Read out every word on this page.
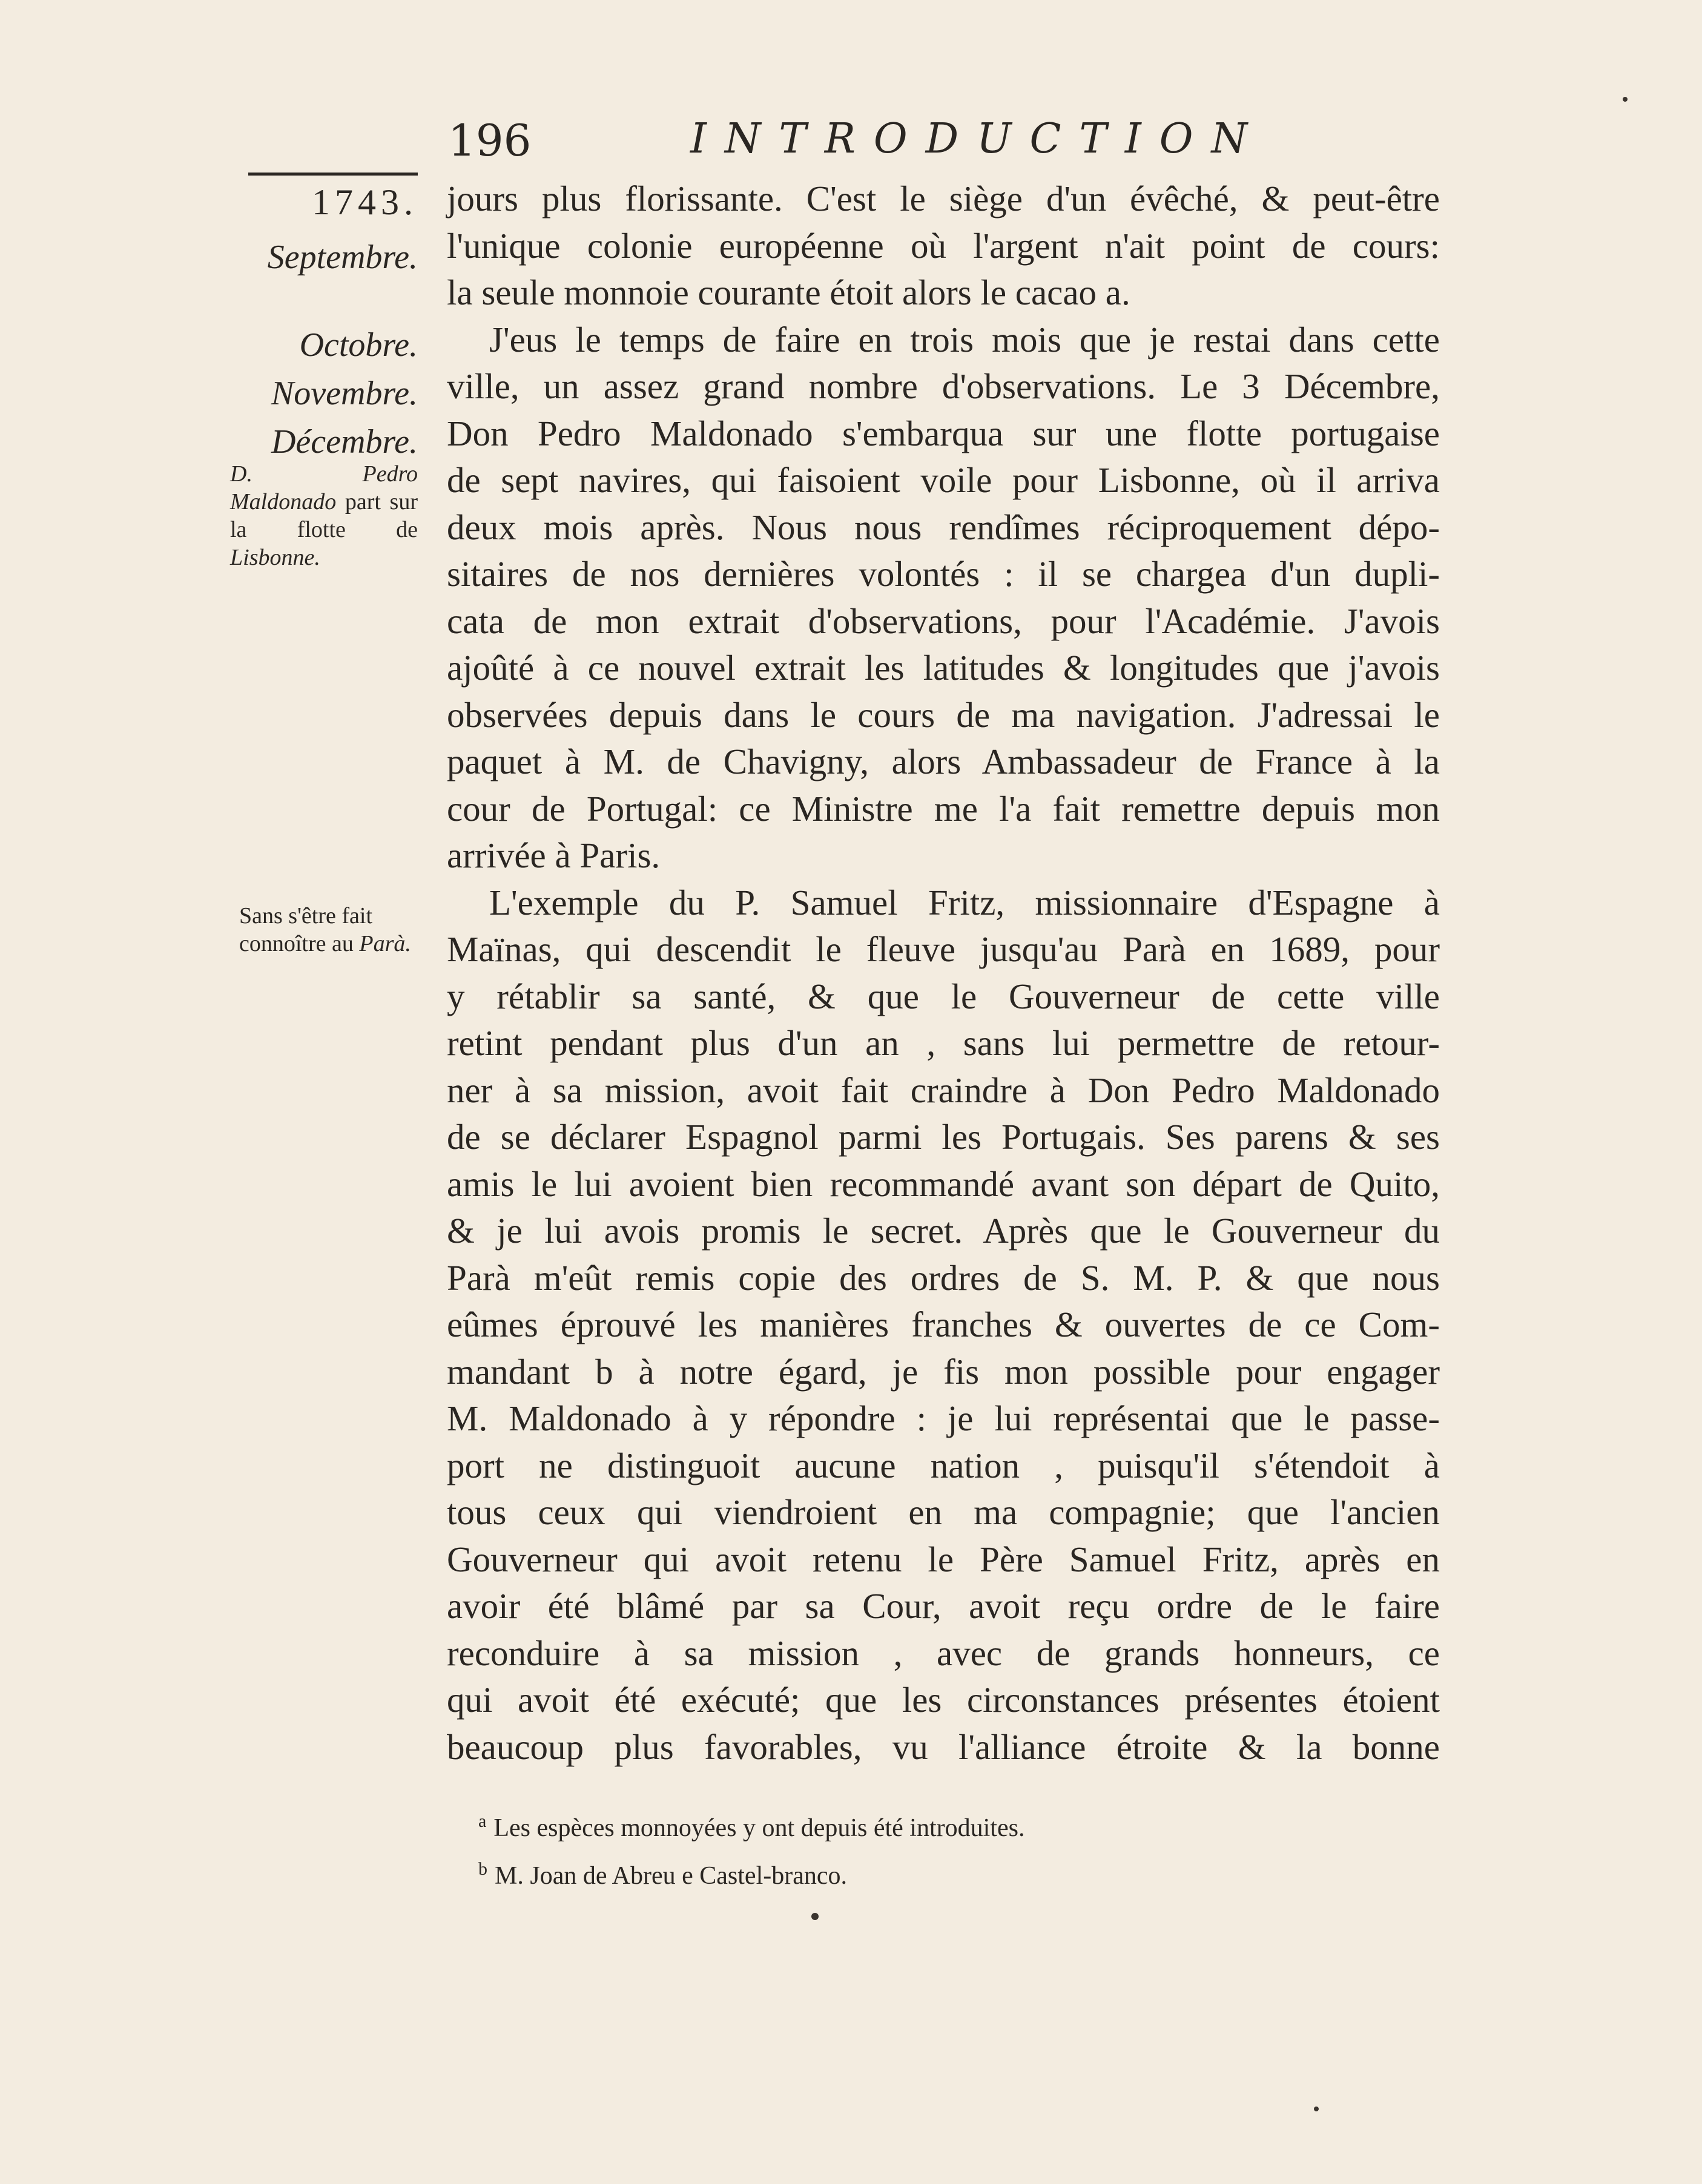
196	INTRODUCTION
1743.
Septembre.
Octobre.
Novembre.
Décembre.
D. Pedro Maldonado part sur la flotte de Lisbonne.
Sans s'être fait connoître au Parà.
jours plus florissante. C'est le siège d'un évêché, & peut-être
l'unique colonie européenne où l'argent n'ait point de cours:
la seule monnoie courante étoit alors le cacao a.
J'eus le temps de faire en trois mois que je restai dans cette
ville, un assez grand nombre d'observations. Le 3 Décembre,
Don Pedro Maldonado s'embarqua sur une flotte portugaise
de sept navires, qui faisoient voile pour Lisbonne, où il arriva
deux mois après. Nous nous rendîmes réciproquement dépo-
sitaires de nos dernières volontés : il se chargea d'un dupli-
cata de mon extrait d'observations, pour l'Académie. J'avois
ajoûté à ce nouvel extrait les latitudes & longitudes que j'avois
observées depuis dans le cours de ma navigation. J'adressai le
paquet à M. de Chavigny, alors Ambassadeur de France à la
cour de Portugal: ce Ministre me l'a fait remettre depuis mon
arrivée à Paris.
L'exemple du P. Samuel Fritz, missionnaire d'Espagne à
Maïnas, qui descendit le fleuve jusqu'au Parà en 1689, pour
y rétablir sa santé, & que le Gouverneur de cette ville
retint pendant plus d'un an , sans lui permettre de retour-
ner à sa mission, avoit fait craindre à Don Pedro Maldonado
de se déclarer Espagnol parmi les Portugais. Ses parens & ses
amis le lui avoient bien recommandé avant son départ de Quito,
& je lui avois promis le secret. Après que le Gouverneur du
Parà m'eût remis copie des ordres de S. M. P. & que nous
eûmes éprouvé les manières franches & ouvertes de ce Com-
mandant b à notre égard, je fis mon possible pour engager
M. Maldonado à y répondre : je lui représentai que le passe-
port ne distinguoit aucune nation , puisqu'il s'étendoit à
tous ceux qui viendroient en ma compagnie; que l'ancien
Gouverneur qui avoit retenu le Père Samuel Fritz, après en
avoir été blâmé par sa Cour, avoit reçu ordre de le faire
reconduire à sa mission , avec de grands honneurs, ce
qui avoit été exécuté; que les circonstances présentes étoient
beaucoup plus favorables, vu l'alliance étroite & la bonne
$^a$ Les espèces monnoyées y ont depuis été introduites.
$^b$ M. Joan de Abreu e Castel-branco.
